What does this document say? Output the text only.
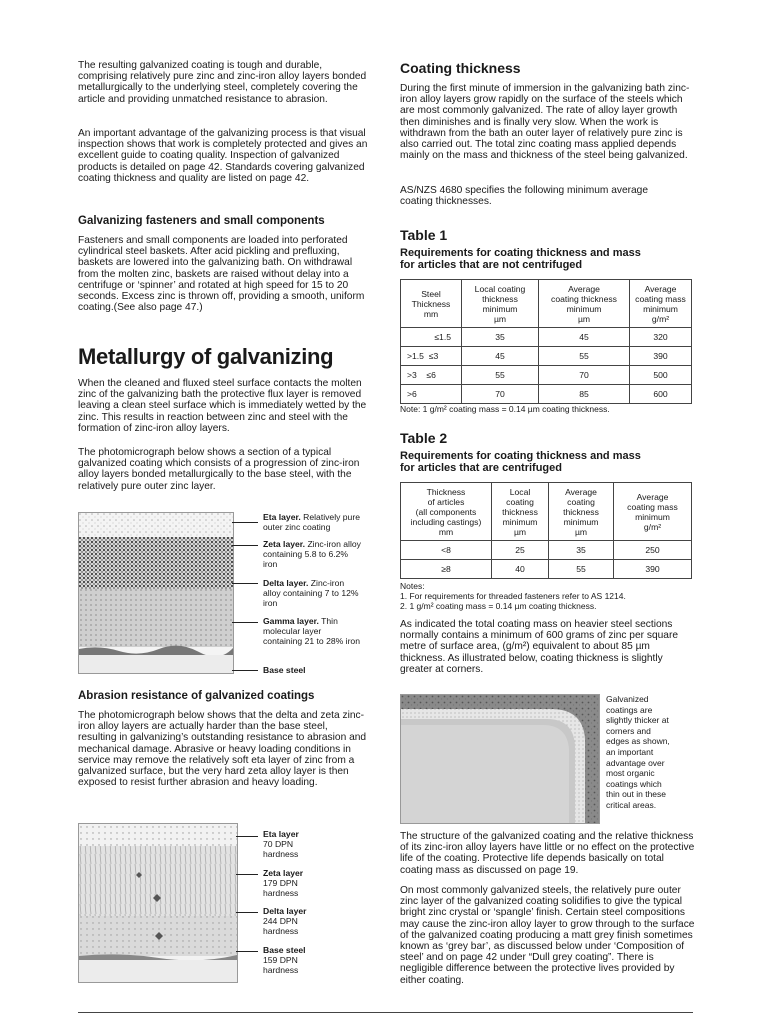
The resulting galvanized coating is tough and durable, comprising relatively pure zinc and zinc-iron alloy layers bonded metallurgically to the underlying steel, completely covering the article and providing unmatched resistance to abrasion.

An important advantage of the galvanizing process is that visual inspection shows that work is completely protected and gives an excellent guide to coating quality. Inspection of galvanized products is detailed on page 42. Standards covering galvanized coating thickness and quality are listed on page 42.

Galvanizing fasteners and small components

Fasteners and small components are loaded into perforated cylindrical steel baskets. After acid pickling and prefluxing, baskets are lowered into the galvanizing bath. On withdrawal from the molten zinc, baskets are raised without delay into a centrifuge or ‘spinner’ and rotated at high speed for 15 to 20 seconds. Excess zinc is thrown off, providing a smooth, uniform coating.(See also page 47.)

Metallurgy of galvanizing

When the cleaned and fluxed steel surface contacts the molten zinc of the galvanizing bath the protective flux layer is removed leaving a clean steel surface which is immediately wetted by the zinc. This results in reaction between zinc and steel with the formation of zinc-iron alloy layers.

The photomicrograph below shows a section of a typical galvanized coating which consists of a progression of zinc-iron alloy layers bonded metallurgically to the base steel, with the relatively pure outer zinc layer.

Eta layer. Relatively pure outer zinc coating
Zeta layer. Zinc-iron alloy containing 5.8 to 6.2% iron
Delta layer. Zinc-iron alloy containing 7 to 12% iron
Gamma layer. Thin molecular layer containing 21 to 28% iron
Base steel
Abrasion resistance of galvanized coatings

The photomicrograph below shows that the delta and zeta zinc-iron alloy layers are actually harder than the base steel, resulting in galvanizing’s outstanding resistance to abrasion and mechanical damage. Abrasive or heavy loading conditions in service may remove the relatively soft eta layer of zinc from a galvanized surface, but the very hard zeta alloy layer is then exposed to resist further abrasion and heavy loading.

Eta layer
70 DPN
hardness
Zeta layer
179 DPN
hardness
Delta layer
244 DPN
hardness
Base steel
159 DPN
hardness
Coating thickness

During the first minute of immersion in the galvanizing bath zinc-iron alloy layers grow rapidly on the surface of the steels which are most commonly galvanized. The rate of alloy layer growth then diminishes and is finally very slow. When the work is withdrawn from the bath an outer layer of relatively pure zinc is also carried out. The total zinc coating mass applied depends mainly on the mass and thickness of the steel being galvanized.

AS/NZS 4680 specifies the following minimum average coating thicknesses.

Table 1
Requirements for coating thickness and mass
for articles that are not centrifuged
Steel
Thickness
mm	Local coating
thickness
minimum
µm	Average
coating thickness
minimum
µm	Average
coating mass
minimum
g/m²
≤1.5	35	45	320
>1.5  ≤3	45	55	390
>3    ≤6	55	70	500
>6	70	85	600
Note: 1 g/m² coating mass = 0.14 µm coating thickness.
Table 2
Requirements for coating thickness and mass
for articles that are centrifuged
Thickness
of articles
(all components
including castings)
mm	Local
coating
thickness
minimum
µm	Average
coating
thickness
minimum
µm	Average
coating mass
minimum
g/m²
<8	25	35	250
≥8	40	55	390
Notes:
1. For requirements for threaded fasteners refer to AS 1214.
2. 1 g/m² coating mass = 0.14 µm coating thickness.

As indicated the total coating mass on heavier steel sections normally contains a minimum of 600 grams of zinc per square metre of surface area, (g/m²) equivalent to about 85 µm thickness. As illustrated below, coating thickness is slightly greater at corners.

Galvanized
coatings are
slightly thicker at
corners and
edges as shown,
an important
advantage over
most organic
coatings which
thin out in these
critical areas.

The structure of the galvanized coating and the relative thickness of its zinc-iron alloy layers have little or no effect on the protective life of the coating. Protective life depends basically on total coating mass as discussed on page 19.

On most commonly galvanized steels, the relatively pure outer zinc layer of the galvanized coating solidifies to give the typical bright zinc crystal or ‘spangle’ finish. Certain steel compositions may cause the zinc-iron alloy layer to grow through to the surface of the galvanized coating producing a matt grey finish sometimes known as ‘grey bar’, as discussed below under ‘Composition of steel’ and on page 42 under “Dull grey coating”. There is negligible difference between the protective lives provided by either coating.
